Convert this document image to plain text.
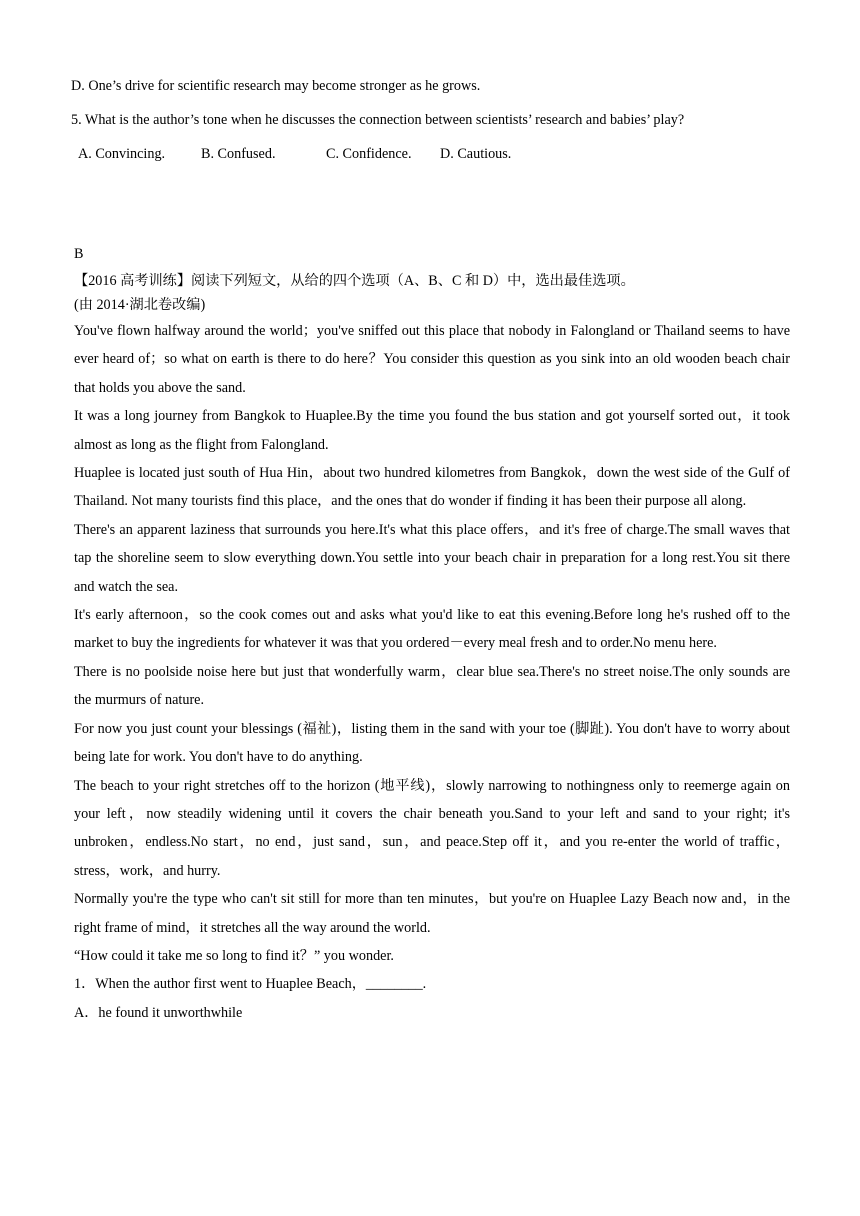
D. One’s drive for scientific research may become stronger as he grows.

5. What is the author’s tone when he discusses the connection between scientists’ research and babies’ play?

A. Convincing.	B. Confused.	C. Confidence. D. Cautious.

B

【2016 高考训练】阅读下列短文，从给的四个选项（A、B、C 和 D）中，选出最佳选项。

(由 2014·湖北卷改编)

You've flown halfway around the world；you've sniffed out this place that nobody in Falongland or Thailand seems to have ever heard of；so what on earth is there to do here？You consider this question as you sink into an old wooden beach chair that holds you above the sand.

It was a long journey from Bangkok to Huaplee.By the time you found the bus station and got yourself sorted out，it took almost as long as the flight from Falongland.

Huaplee is located just south of Hua Hin，about two hundred kilometres from Bangkok，down the west side of the Gulf of Thailand. Not many tourists find this place，and the ones that do wonder if finding it has been their purpose all along.

There's an apparent laziness that surrounds you here.It's what this place offers，and it's free of charge.The small waves that tap the shoreline seem to slow everything down.You settle into your beach chair in preparation for a long rest.You sit there and watch the sea.

It's early afternoon，so the cook comes out and asks what you'd like to eat this evening.Before long he's rushed off to the market to buy the ingredients for whatever it was that you ordered－every meal fresh and to order.No menu here.

There is no poolside noise here but just that wonderfully warm，clear blue sea.There's no street noise.The only sounds are the murmurs of nature.

For now you just count your blessings (福祉)，listing them in the sand with your toe (脚趾). You don't have to worry about being late for work. You don't have to do anything.

The beach to your right stretches off to the horizon (地平线)，slowly narrowing to nothingness only to reemerge again on your left，now steadily widening until it covers the chair beneath you.Sand to your left and sand to your right; it's unbroken，endless.No start，no end，just sand，sun，and peace.Step off it，and you re-enter the world of traffic，stress，work，and hurry.

Normally you're the type who can't sit still for more than ten minutes，but you're on Huaplee Lazy Beach now and，in the right frame of mind，it stretches all the way around the world.

“How could it take me so long to find it？” you wonder.

1．When the author first went to Huaplee Beach，________.

A．he found it unworthwhile
